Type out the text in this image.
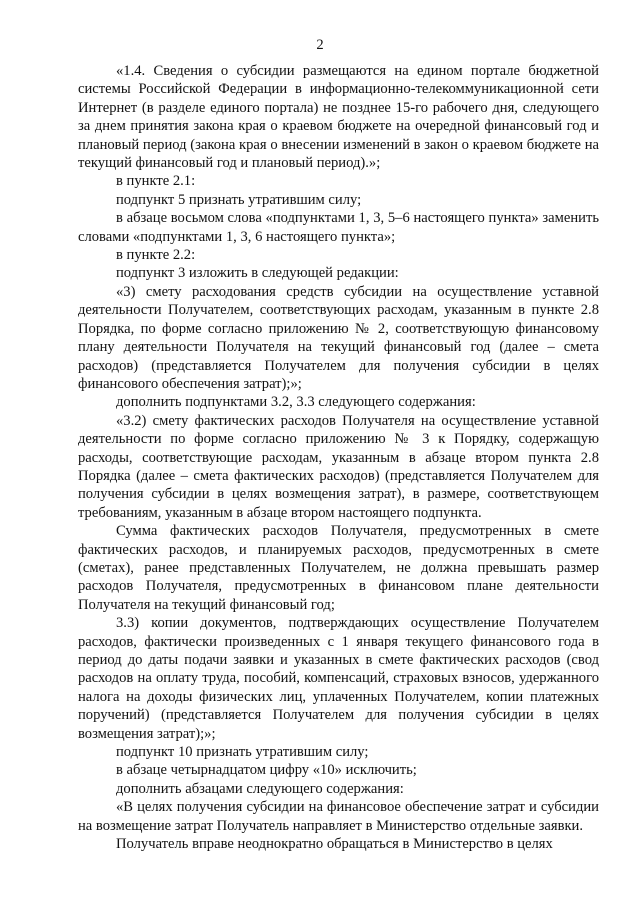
2

«1.4. Сведения о субсидии размещаются на едином портале бюджетной системы Российской Федерации в информационно-телекоммуникационной сети Интернет (в разделе единого портала) не позднее 15-го рабочего дня, следующего за днем принятия закона края о краевом бюджете на очередной финансовый год и плановый период (закона края о внесении изменений в закон о краевом бюджете на текущий финансовый год и плановый период).»;

в пункте 2.1:

подпункт 5 признать утратившим силу;

в абзаце восьмом слова «подпунктами 1, 3, 5–6 настоящего пункта» заменить словами «подпунктами 1, 3, 6 настоящего пункта»;

в пункте 2.2:

подпункт 3 изложить в следующей редакции:

«3) смету расходования средств субсидии на осуществление уставной деятельности Получателем, соответствующих расходам, указанным в пункте 2.8 Порядка, по форме согласно приложению № 2, соответствующую финансовому плану деятельности Получателя на текущий финансовый год (далее – смета расходов) (представляется Получателем для получения субсидии в целях финансового обеспечения затрат);»;

дополнить подпунктами 3.2, 3.3 следующего содержания:

«3.2) смету фактических расходов Получателя на осуществление уставной деятельности по форме согласно приложению № 3 к Порядку, содержащую расходы, соответствующие расходам, указанным в абзаце втором пункта 2.8 Порядка (далее – смета фактических расходов) (представляется Получателем для получения субсидии в целях возмещения затрат), в размере, соответствующем требованиям, указанным в абзаце втором настоящего подпункта.

Сумма фактических расходов Получателя, предусмотренных в смете фактических расходов, и планируемых расходов, предусмотренных в смете (сметах), ранее представленных Получателем, не должна превышать размер расходов Получателя, предусмотренных в финансовом плане деятельности Получателя на текущий финансовый год;

3.3) копии документов, подтверждающих осуществление Получателем расходов, фактически произведенных с 1 января текущего финансового года в период до даты подачи заявки и указанных в смете фактических расходов (свод расходов на оплату труда, пособий, компенсаций, страховых взносов, удержанного налога на доходы физических лиц, уплаченных Получателем, копии платежных поручений) (представляется Получателем для получения субсидии в целях возмещения затрат);»;

подпункт 10 признать утратившим силу;

в абзаце четырнадцатом цифру «10» исключить;

дополнить абзацами следующего содержания:

«В целях получения субсидии на финансовое обеспечение затрат и субсидии на возмещение затрат Получатель направляет в Министерство отдельные заявки.

Получатель вправе неоднократно обращаться в Министерство в целях
